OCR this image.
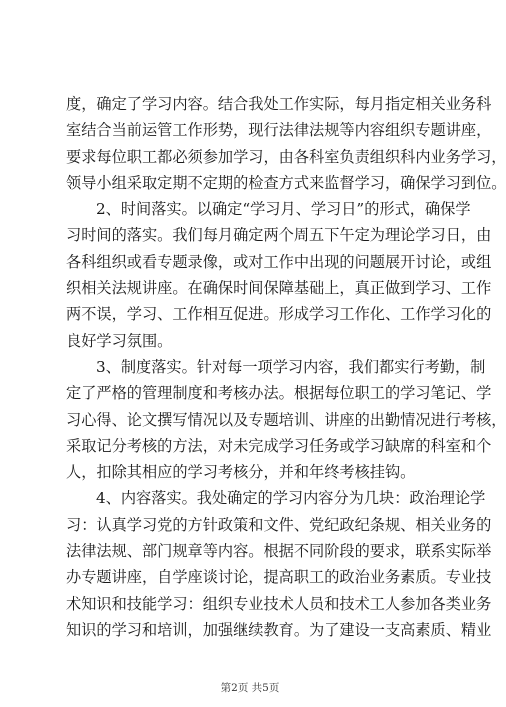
度，确定了学习内容。结合我处工作实际，每月指定相关业务科
室结合当前运管工作形势，现行法律法规等内容组织专题讲座，
要求每位职工都必须参加学习，由各科室负责组织科内业务学习，
领导小组采取定期不定期的检查方式来监督学习，确保学习到位。
2、时间落实。以确定“学习月、学习日”的形式，确保学
习时间的落实。我们每月确定两个周五下午定为理论学习日，由
各科组织或看专题录像，或对工作中出现的问题展开讨论，或组
织相关法规讲座。在确保时间保障基础上，真正做到学习、工作
两不误，学习、工作相互促进。形成学习工作化、工作学习化的
良好学习氛围。
3、制度落实。针对每一项学习内容，我们都实行考勤，制
定了严格的管理制度和考核办法。根据每位职工的学习笔记、学
习心得、论文撰写情况以及专题培训、讲座的出勤情况进行考核，
采取记分考核的方法，对未完成学习任务或学习缺席的科室和个
人，扣除其相应的学习考核分，并和年终考核挂钩。
4、内容落实。我处确定的学习内容分为几块：政治理论学
习：认真学习党的方针政策和文件、党纪政纪条规、相关业务的
法律法规、部门规章等内容。根据不同阶段的要求，联系实际举
办专题讲座，自学座谈讨论，提高职工的政治业务素质。专业技
术知识和技能学习：组织专业技术人员和技术工人参加各类业务
知识的学习和培训，加强继续教育。为了建设一支高素质、精业
第2页 共5页
